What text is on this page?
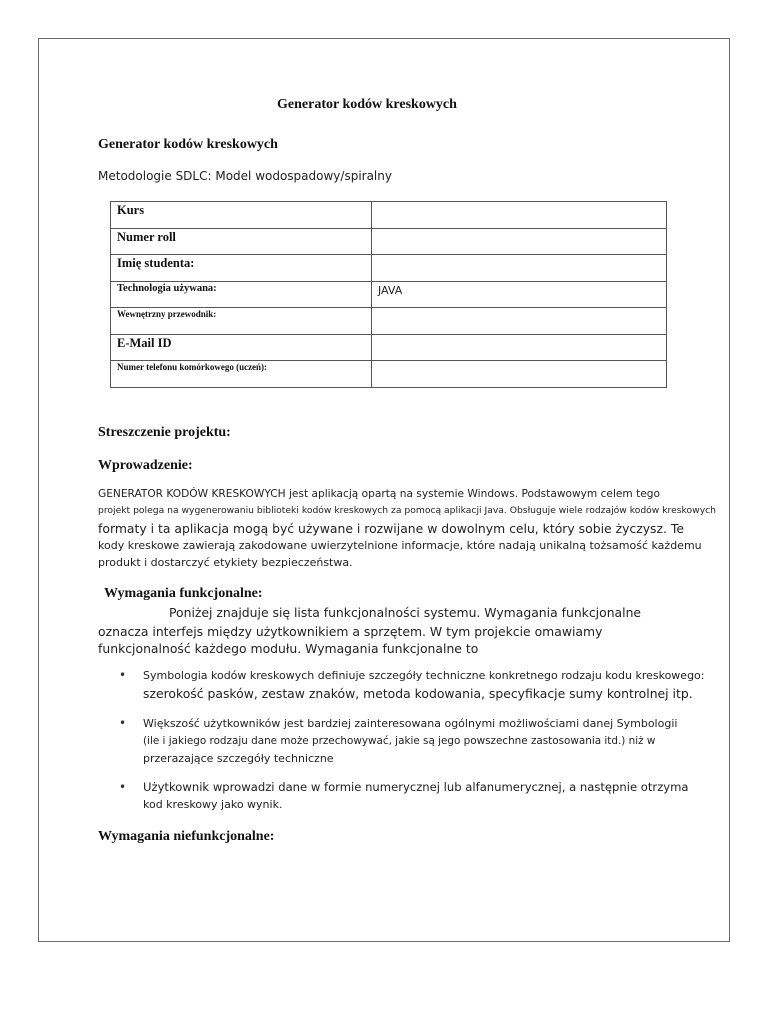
Generator kodów kreskowych
Generator kodów kreskowych
Metodologie SDLC: Model wodospadowy/spiralny
Kurs	
Numer roll	
Imię studenta:	
Technologia używana:	JAVA
Wewnętrzny przewodnik:	
E-Mail ID	
Numer telefonu komórkowego (uczeń):	
Streszczenie projektu:
Wprowadzenie:
GENERATOR KODÓW KRESKOWYCH jest aplikacją opartą na systemie Windows. Podstawowym celem tego
projekt polega na wygenerowaniu biblioteki kodów kreskowych za pomocą aplikacji Java. Obsługuje wiele rodzajów kodów kreskowych
formaty i ta aplikacja mogą być używane i rozwijane w dowolnym celu, który sobie życzysz. Te
kody kreskowe zawierają zakodowane uwierzytelnione informacje, które nadają unikalną tożsamość każdemu
produkt i dostarczyć etykiety bezpieczeństwa.
Wymagania funkcjonalne:
Poniżej znajduje się lista funkcjonalności systemu. Wymagania funkcjonalne
oznacza interfejs między użytkownikiem a sprzętem. W tym projekcie omawiamy
funkcjonalność każdego modułu. Wymagania funkcjonalne to
• Symbologia kodów kreskowych definiuje szczegóły techniczne konkretnego rodzaju kodu kreskowego:
szerokość pasków, zestaw znaków, metoda kodowania, specyfikacje sumy kontrolnej itp.
• Większość użytkowników jest bardziej zainteresowana ogólnymi możliwościami danej Symbologii
(ile i jakiego rodzaju dane może przechowywać, jakie są jego powszechne zastosowania itd.) niż w
przerazające szczegóły techniczne
• Użytkownik wprowadzi dane w formie numerycznej lub alfanumerycznej, a następnie otrzyma
kod kreskowy jako wynik.
Wymagania niefunkcjonalne:
